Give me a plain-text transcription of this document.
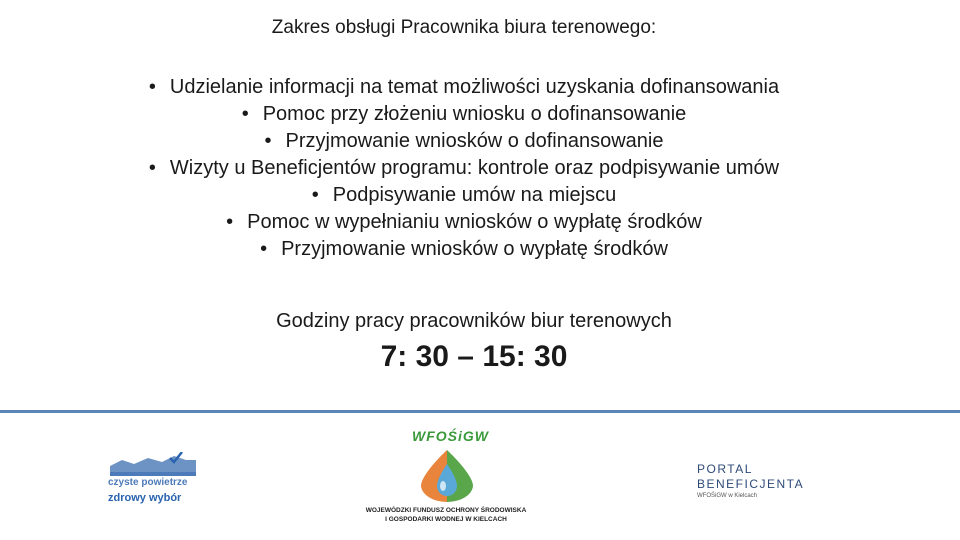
Zakres obsługi Pracownika biura terenowego:
• Udzielanie informacji na temat możliwości uzyskania dofinansowania
• Pomoc przy złożeniu wniosku o dofinansowanie
• Przyjmowanie wniosków o dofinansowanie
• Wizyty u Beneficjentów programu: kontrole oraz podpisywanie umów
• Podpisywanie umów na miejscu
• Pomoc w wypełnianiu wniosków o wypłatę środków
• Przyjmowanie wniosków o wypłatę środków
Godziny pracy pracowników biur terenowych
7: 30 – 15: 30
czyste powietrze
zdrowy wybór
WFOŚiGW
WOJEWÓDZKI FUNDUSZ OCHRONY ŚRODOWISKA
I GOSPODARKI WODNEJ W KIELCACH
PORTAL
BENEFICJENTA
WFOŚiGW w Kielcach
